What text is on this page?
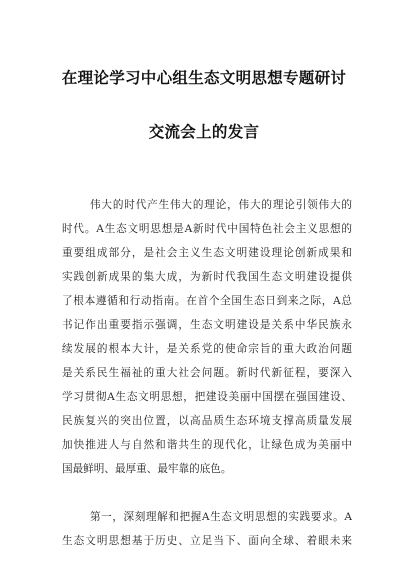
在理论学习中心组生态文明思想专题研讨
交流会上的发言
伟大的时代产生伟大的理论，伟大的理论引领伟大的
时代。A生态文明思想是A新时代中国特色社会主义思想的
重要组成部分，是社会主义生态文明建设理论创新成果和
实践创新成果的集大成，为新时代我国生态文明建设提供
了根本遵循和行动指南。在首个全国生态日到来之际，A总
书记作出重要指示强调，生态文明建设是关系中华民族永
续发展的根本大计，是关系党的使命宗旨的重大政治问题
是关系民生福祉的重大社会问题。新时代新征程，要深入
学习贯彻A生态文明思想，把建设美丽中国摆在强国建设、
民族复兴的突出位置，以高品质生态环境支撑高质量发展
加快推进人与自然和谐共生的现代化，让绿色成为美丽中
国最鲜明、最厚重、最牢靠的底色。
第一，深刻理解和把握A生态文明思想的实践要求。A
生态文明思想基于历史、立足当下、面向全球、着眼未来
